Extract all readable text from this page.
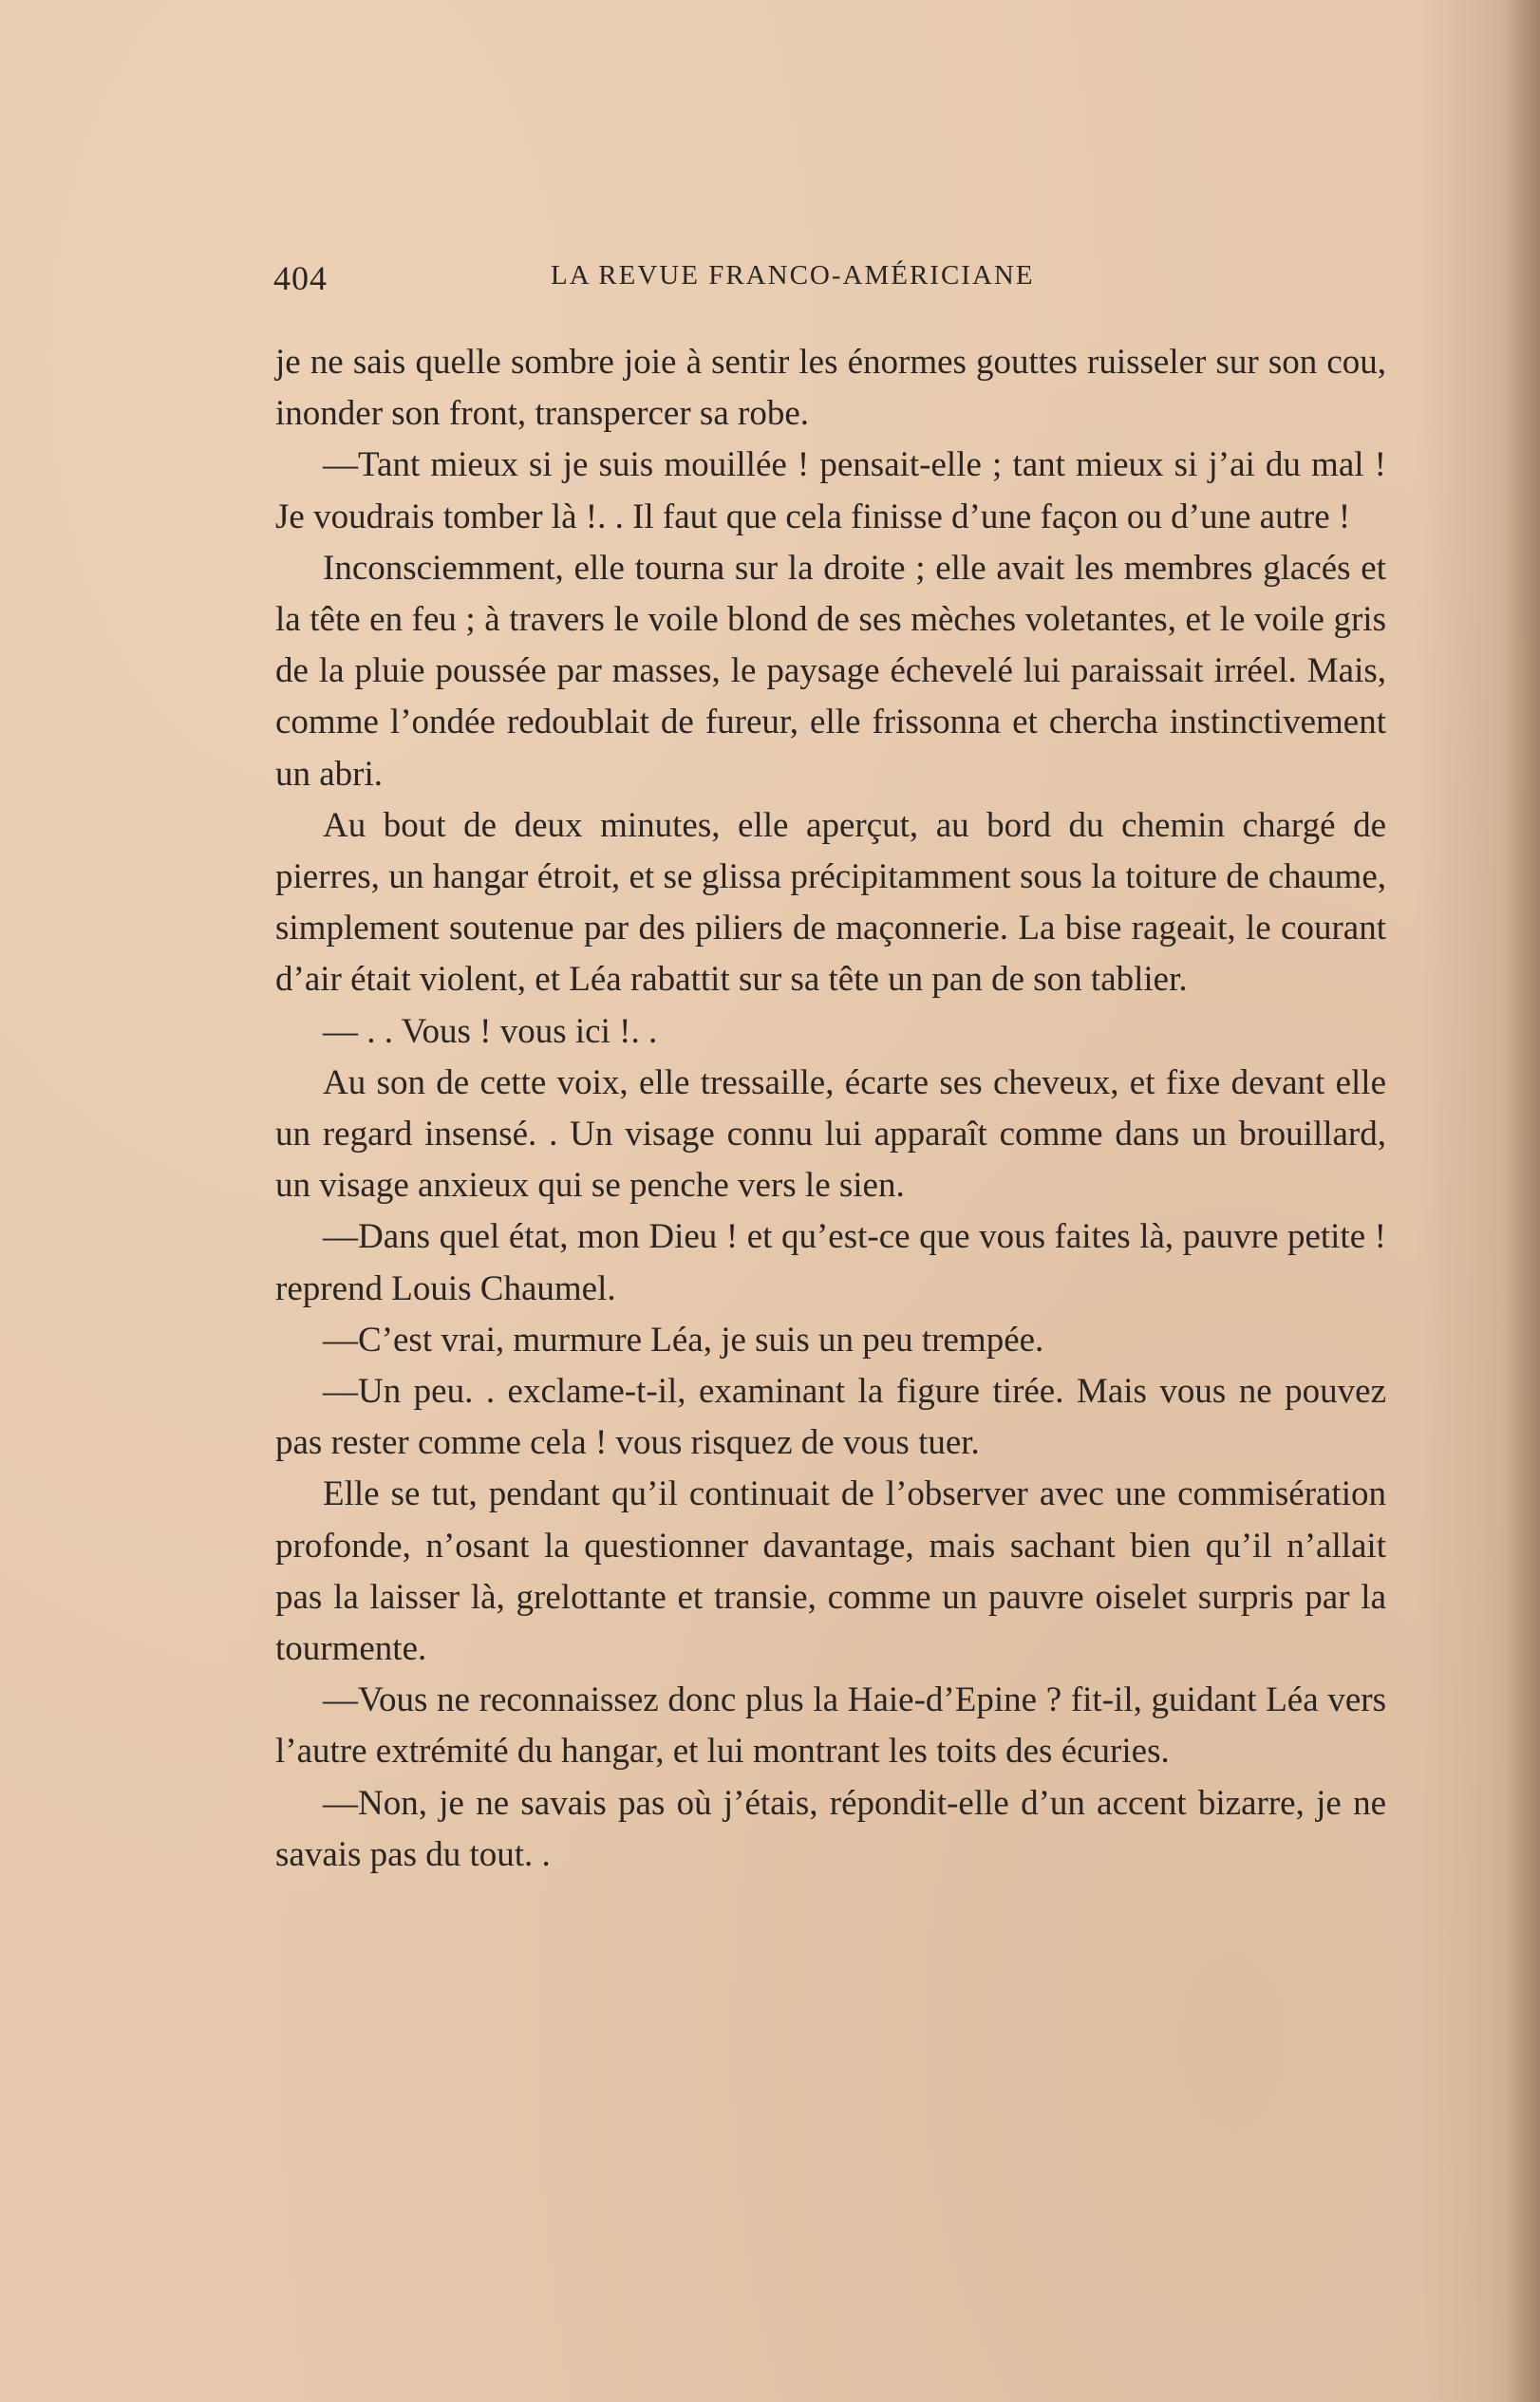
404	LA REVUE FRANCO-AMÉRICIANE

je ne sais quelle sombre joie à sentir les énormes gouttes ruisseler sur son cou, inonder son front, transpercer sa robe.

—Tant mieux si je suis mouillée ! pensait-elle ; tant mieux si j’ai du mal ! Je voudrais tomber là !. . Il faut que cela finisse d’une façon ou d’une autre !

Inconsciemment, elle tourna sur la droite ; elle avait les membres glacés et la tête en feu ; à travers le voile blond de ses mèches voletantes, et le voile gris de la pluie poussée par masses, le paysage échevelé lui paraissait irréel. Mais, comme l’ondée redoublait de fureur, elle frissonna et chercha instinctivement un abri.

Au bout de deux minutes, elle aperçut, au bord du chemin chargé de pierres, un hangar étroit, et se glissa précipitamment sous la toiture de chaume, simplement soutenue par des piliers de maçonnerie. La bise rageait, le courant d’air était violent, et Léa rabattit sur sa tête un pan de son tablier.

— . . Vous ! vous ici !. .

Au son de cette voix, elle tressaille, écarte ses cheveux, et fixe devant elle un regard insensé. . Un visage connu lui apparaît comme dans un brouillard, un visage anxieux qui se penche vers le sien.

—Dans quel état, mon Dieu ! et qu’est-ce que vous faites là, pauvre petite ! reprend Louis Chaumel.

—C’est vrai, murmure Léa, je suis un peu trempée.

—Un peu. . exclame-t-il, examinant la figure tirée. Mais vous ne pouvez pas rester comme cela ! vous risquez de vous tuer.

Elle se tut, pendant qu’il continuait de l’observer avec une commisération profonde, n’osant la questionner davantage, mais sachant bien qu’il n’allait pas la laisser là, grelottante et transie, comme un pauvre oiselet surpris par la tourmente.

—Vous ne reconnaissez donc plus la Haie-d’Epine ? fit-il, guidant Léa vers l’autre extrémité du hangar, et lui montrant les toits des écuries.

—Non, je ne savais pas où j’étais, répondit-elle d’un accent bizarre, je ne savais pas du tout. .
